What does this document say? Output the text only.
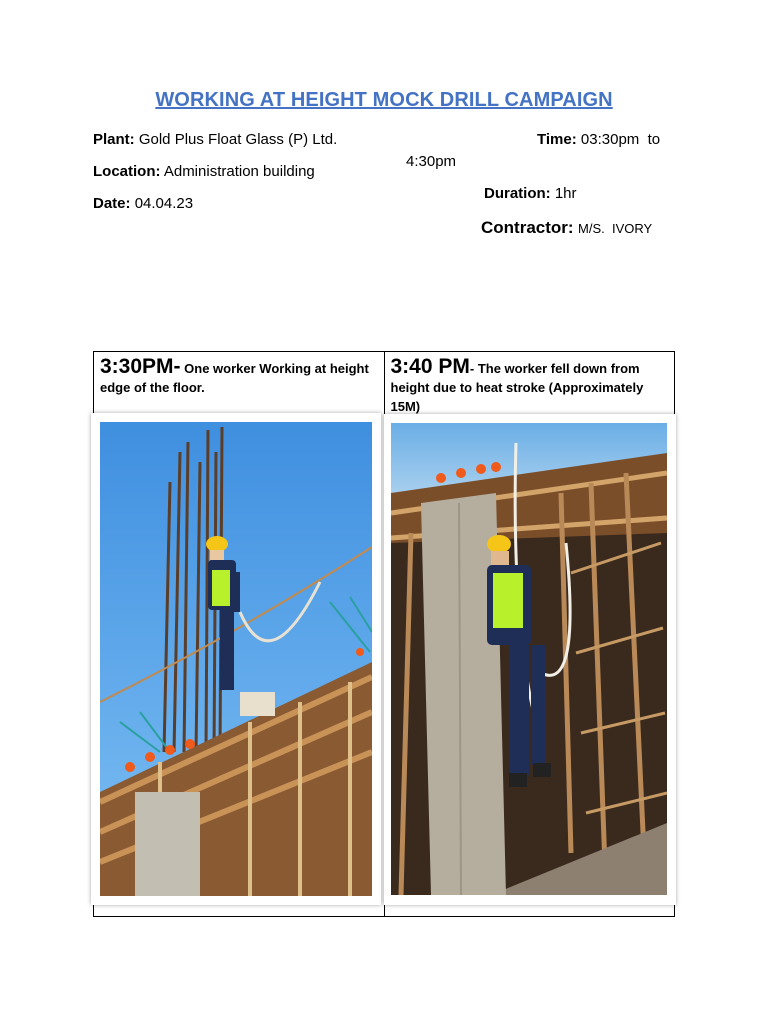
WORKING AT HEIGHT MOCK DRILL CAMPAIGN
Plant: Gold Plus Float Glass (P) Ltd.
Location: Administration building
Date: 04.04.23
Time: 03:30pm  to
4:30pm
Duration: 1hr
Contractor: M/S.  IVORY
3:30PM- One worker Working at height edge of the floor.

3:40 PM- The worker fell down from height due to heat stroke (Approximately 15M)
